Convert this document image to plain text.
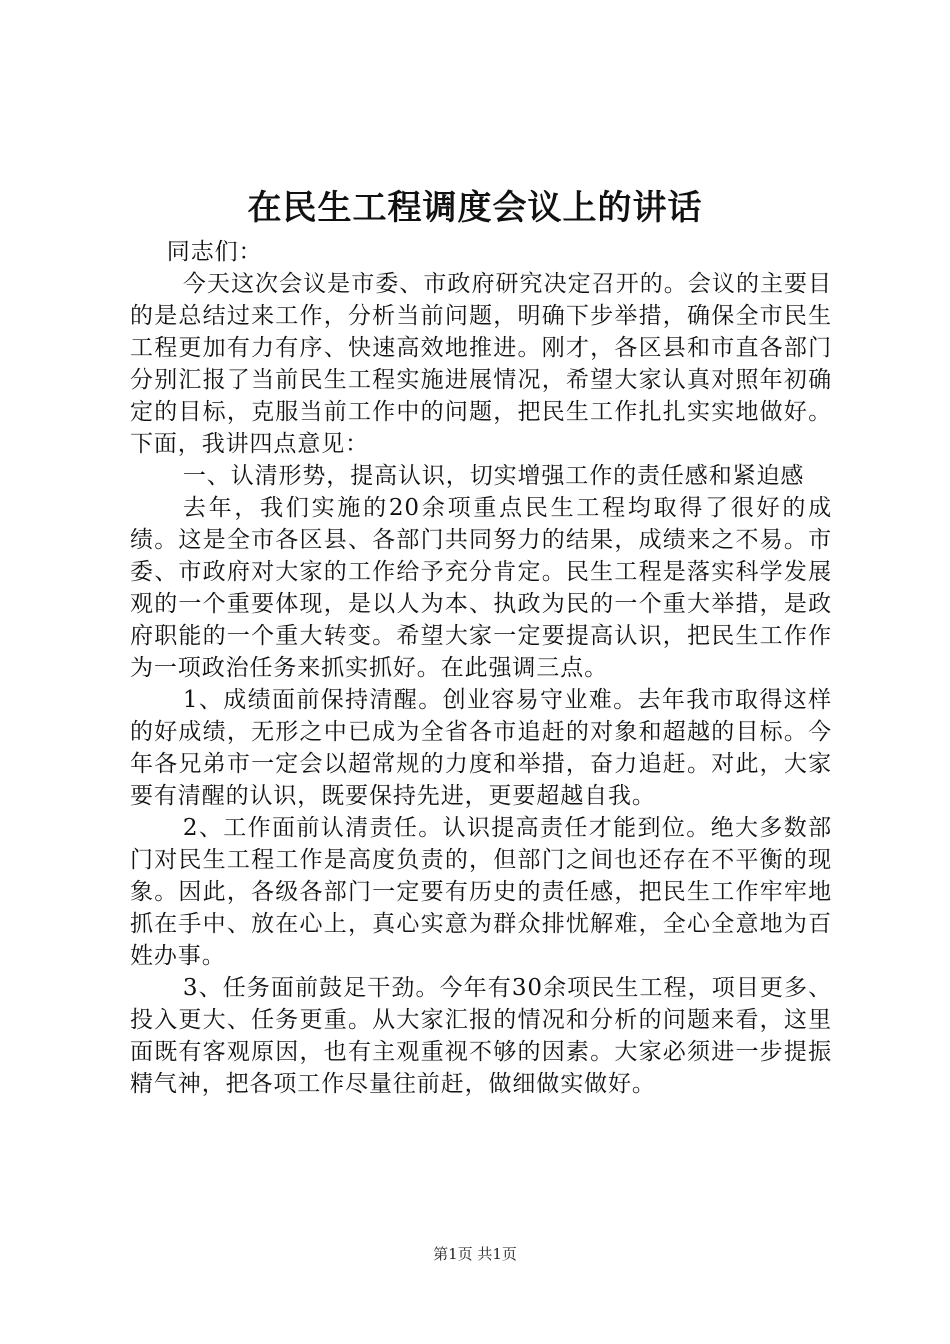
在民生工程调度会议上的讲话

同志们：

今天这次会议是市委、市政府研究决定召开的。会议的主要目的是总结过来工作，分析当前问题，明确下步举措，确保全市民生工程更加有力有序、快速高效地推进。刚才，各区县和市直各部门分别汇报了当前民生工程实施进展情况，希望大家认真对照年初确定的目标，克服当前工作中的问题，把民生工作扎扎实实地做好。下面，我讲四点意见：

一、认清形势，提高认识，切实增强工作的责任感和紧迫感

去年，我们实施的20余项重点民生工程均取得了很好的成绩。这是全市各区县、各部门共同努力的结果，成绩来之不易。市委、市政府对大家的工作给予充分肯定。民生工程是落实科学发展观的一个重要体现，是以人为本、执政为民的一个重大举措，是政府职能的一个重大转变。希望大家一定要提高认识，把民生工作作为一项政治任务来抓实抓好。在此强调三点。

1、成绩面前保持清醒。创业容易守业难。去年我市取得这样的好成绩，无形之中已成为全省各市追赶的对象和超越的目标。今年各兄弟市一定会以超常规的力度和举措，奋力追赶。对此，大家要有清醒的认识，既要保持先进，更要超越自我。

2、工作面前认清责任。认识提高责任才能到位。绝大多数部门对民生工程工作是高度负责的，但部门之间也还存在不平衡的现象。因此，各级各部门一定要有历史的责任感，把民生工作牢牢地抓在手中、放在心上，真心实意为群众排忧解难，全心全意地为百姓办事。

3、任务面前鼓足干劲。今年有30余项民生工程，项目更多、投入更大、任务更重。从大家汇报的情况和分析的问题来看，这里面既有客观原因，也有主观重视不够的因素。大家必须进一步提振精气神，把各项工作尽量往前赶，做细做实做好。

第1页 共1页
